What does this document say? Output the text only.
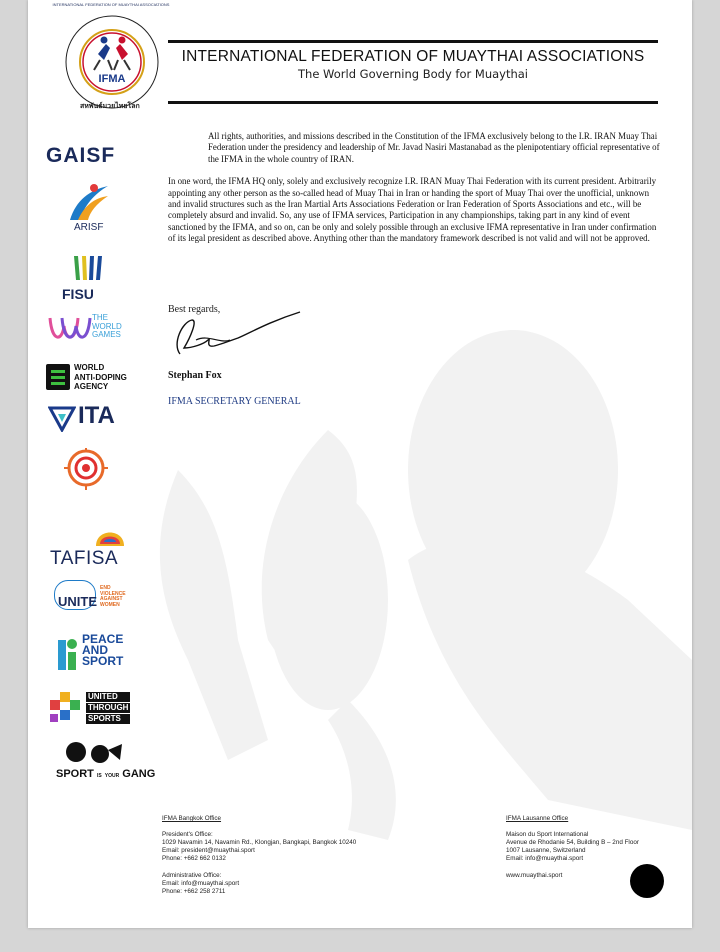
IFMA
INTERNATIONAL FEDERATION OF MUAYTHAI ASSOCIATIONS
สหพันธ์มวยไทยโลก
INTERNATIONAL FEDERATION OF MUAYTHAI ASSOCIATIONS
The World Governing Body for Muaythai
GAISF
ARISF
FISU
THE
WORLD
GAMES
WORLD
ANTI-DOPING
AGENCY
ITA
TAFISA
UNITE
END
VIOLENCE
AGAINST
WOMEN
PEACE
AND
SPORT
UNITED
THROUGH
SPORTS
SPORT IS YOUR GANG

All rights, authorities, and missions described in the Constitution of the IFMA exclusively belong to the I.R. IRAN Muay Thai Federation under the presidency and leadership of Mr. Javad Nasiri Mastanabad as the plenipotentiary official representative of the IFMA in the whole country of IRAN.

In one word, the IFMA HQ only, solely and exclusively recognize I.R. IRAN Muay Thai Federation with its current president. Arbitrarily appointing any other person as the so-called head of Muay Thai in Iran or handing the sport of Muay Thai over the unofficial, unknown and invalid structures such as the Iran Martial Arts Associations Federation or Iran Federation of Sports Associations and etc., will be completely absurd and invalid. So, any use of IFMA services, Participation in any championships, taking part in any kind of event sanctioned by the IFMA, and so on, can be only and solely possible through an exclusive IFMA representative in Iran under confirmation of its legal president as described above. Anything other than the mandatory framework described is not valid and will not be approved.

Best regards,
Stephan Fox
IFMA SECRETARY GENERAL
IFMA Bangkok Office
President's Office:
1029 Navamin 14, Navamin Rd., Klongjan, Bangkapi, Bangkok 10240
Email: president@muaythai.sport
Phone: +662 662 0132
Administrative Office:
Email: info@muaythai.sport
Phone: +662 258 2711
IFMA Lausanne Office
Maison du Sport International
Avenue de Rhodanie 54, Building B – 2nd Floor
1007 Lausanne, Switzerland
Email: info@muaythai.sport
www.muaythai.sport
